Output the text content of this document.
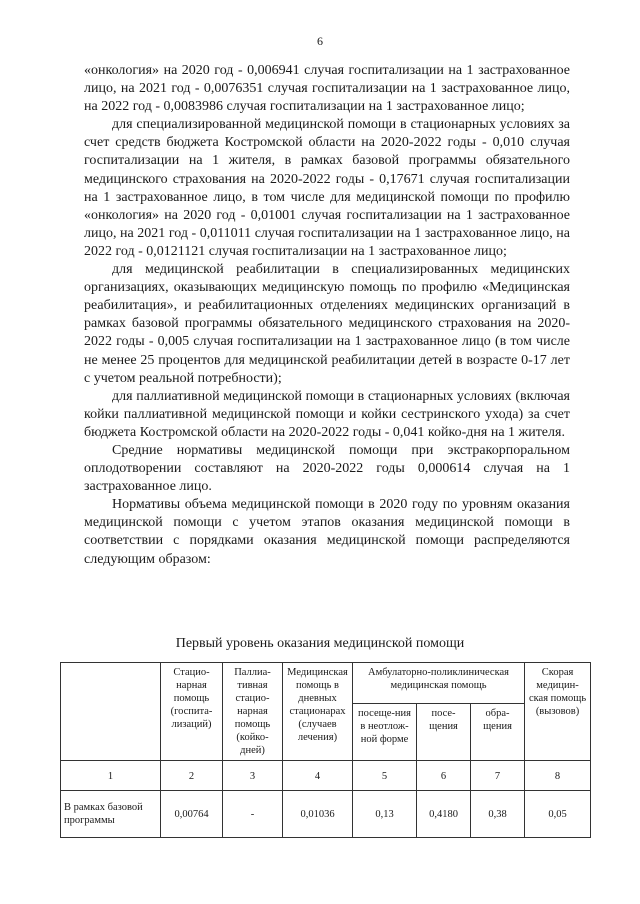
6

«онкология» на 2020 год - 0,006941 случая госпитализации на 1 застрахованное лицо, на 2021 год - 0,0076351 случая госпитализации на 1 застрахованное лицо, на 2022 год - 0,0083986 случая госпитализации на 1 застрахованное лицо;

для специализированной медицинской помощи в стационарных условиях за счет средств бюджета Костромской области на 2020-2022 годы - 0,010 случая госпитализации на 1 жителя, в рамках базовой программы обязательного медицинского страхования на 2020-2022 годы - 0,17671 случая госпитализации на 1 застрахованное лицо, в том числе для медицинской помощи по профилю «онкология» на 2020 год - 0,01001 случая госпитализации на 1 застрахованное лицо, на 2021 год - 0,011011 случая госпитализации на 1 застрахованное лицо, на 2022 год - 0,0121121 случая госпитализации на 1 застрахованное лицо;

для медицинской реабилитации в специализированных медицинских организациях, оказывающих медицинскую помощь по профилю «Медицинская реабилитация», и реабилитационных отделениях медицинских организаций в рамках базовой программы обязательного медицинского страхования на 2020-2022 годы - 0,005 случая госпитализации на 1 застрахованное лицо (в том числе не менее 25 процентов для медицинской реабилитации детей в возрасте 0-17 лет с учетом реальной потребности);

для паллиативной медицинской помощи в стационарных условиях (включая койки паллиативной медицинской помощи и койки сестринского ухода) за счет бюджета Костромской области на 2020-2022 годы - 0,041 койко-дня на 1 жителя.

Средние нормативы медицинской помощи при экстракорпоральном оплодотворении составляют на 2020-2022 годы 0,000614 случая на 1 застрахованное лицо.

Нормативы объема медицинской помощи в 2020 году по уровням оказания медицинской помощи с учетом этапов оказания медицинской помощи в соответствии с порядками оказания медицинской помощи распределяются следующим образом:

Первый уровень оказания медицинской помощи
	Стацио-нарная помощь (госпита-лизаций)	Паллиа-тивная стацио-нарная помощь (койко-дней)	Медицинская помощь в дневных стационарах (случаев лечения)	Амбулаторно-поликлиническая медицинская помощь			Скорая медицин-ская помощь (вызовов)
				посеще-ния в неотлож-ной форме	посе-щения	обра-щения	
1	2	3	4	5	6	7	8
В рамках базовой программы	0,00764	-	0,01036	0,13	0,4180	0,38	0,05
